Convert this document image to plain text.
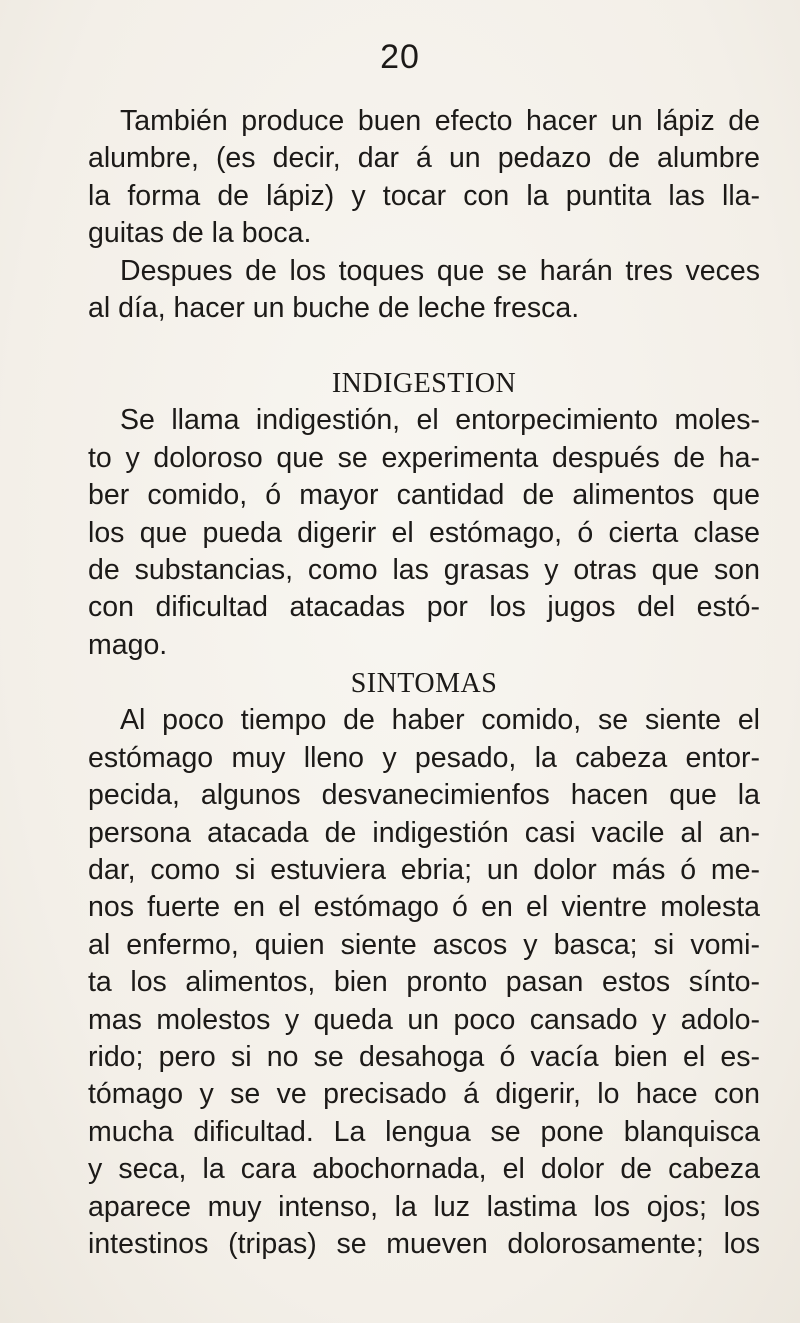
20
También produce buen efecto hacer un lápiz de
alumbre, (es decir, dar á un pedazo de alumbre
la forma de lápiz) y tocar con la puntita las lla-
guitas de la boca.
Despues de los toques que se harán tres veces
al día, hacer un buche de leche fresca.
INDIGESTION
Se llama indigestión, el entorpecimiento moles-
to y doloroso que se experimenta después de ha-
ber comido, ó mayor cantidad de alimentos que
los que pueda digerir el estómago, ó cierta clase
de substancias, como las grasas y otras que son
con dificultad atacadas por los jugos del estó-
mago.
SINTOMAS
Al poco tiempo de haber comido, se siente el
estómago muy lleno y pesado, la cabeza entor-
pecida, algunos desvanecimienfos hacen que la
persona atacada de indigestión casi vacile al an-
dar, como si estuviera ebria; un dolor más ó me-
nos fuerte en el estómago ó en el vientre molesta
al enfermo, quien siente ascos y basca; si vomi-
ta los alimentos, bien pronto pasan estos sínto-
mas molestos y queda un poco cansado y adolo-
rido; pero si no se desahoga ó vacía bien el es-
tómago y se ve precisado á digerir, lo hace con
mucha dificultad. La lengua se pone blanquisca
y seca, la cara abochornada, el dolor de cabeza
aparece muy intenso, la luz lastima los ojos; los
intestinos (tripas) se mueven dolorosamente; los
